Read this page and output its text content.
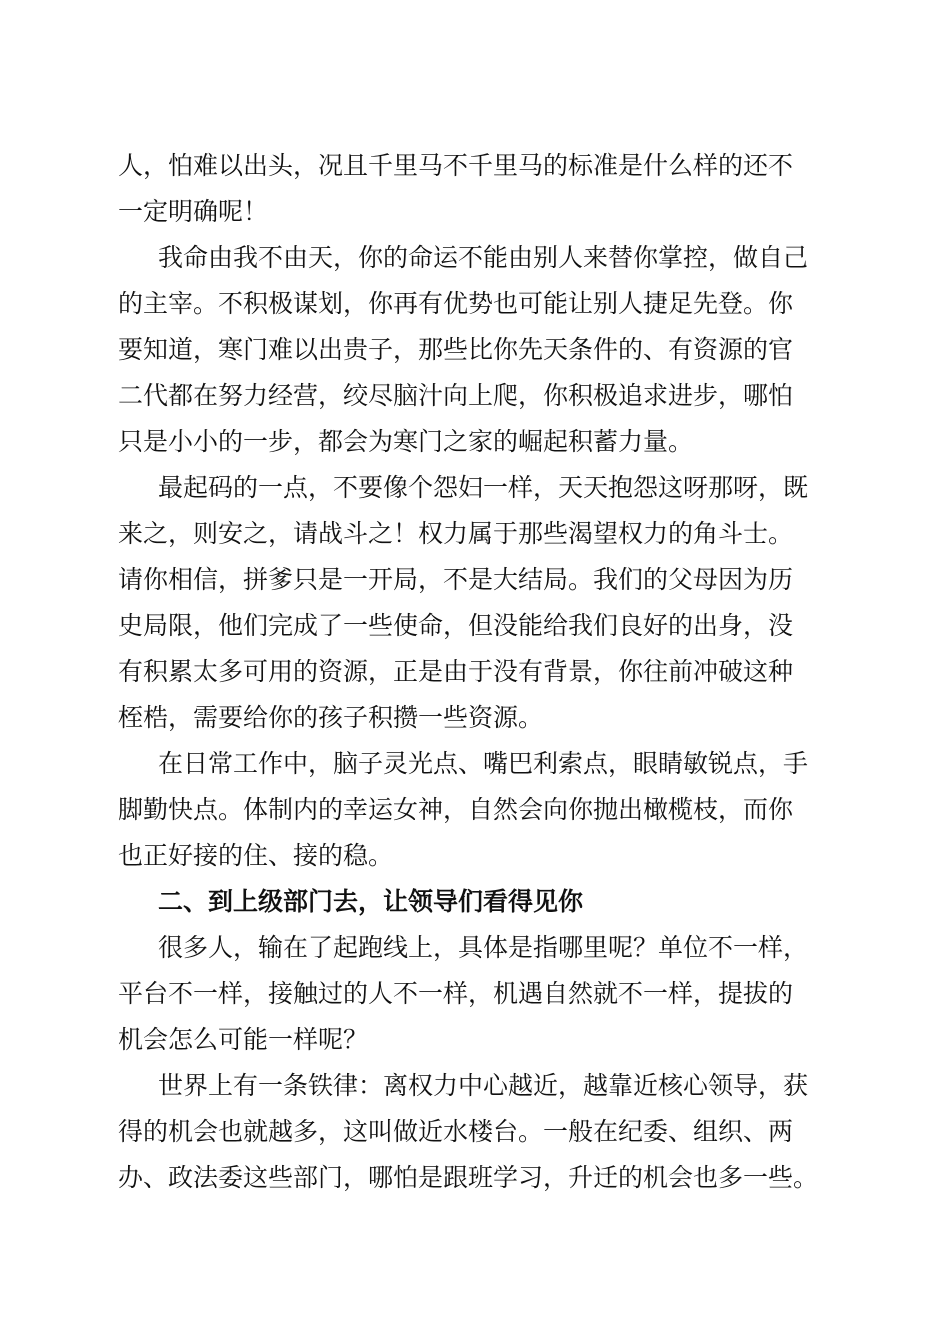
人，怕难以出头，况且千里马不千里马的标准是什么样的还不

一定明确呢！

我命由我不由天，你的命运不能由别人来替你掌控，做自己

的主宰。不积极谋划，你再有优势也可能让别人捷足先登。你

要知道，寒门难以出贵子，那些比你先天条件的、有资源的官

二代都在努力经营，绞尽脑汁向上爬，你积极追求进步，哪怕

只是小小的一步，都会为寒门之家的崛起积蓄力量。

最起码的一点，不要像个怨妇一样，天天抱怨这呀那呀，既

来之，则安之，请战斗之！权力属于那些渴望权力的角斗士。

请你相信，拼爹只是一开局，不是大结局。我们的父母因为历

史局限，他们完成了一些使命，但没能给我们良好的出身，没

有积累太多可用的资源，正是由于没有背景，你往前冲破这种

桎梏，需要给你的孩子积攒一些资源。

在日常工作中，脑子灵光点、嘴巴利索点，眼睛敏锐点，手

脚勤快点。体制内的幸运女神，自然会向你抛出橄榄枝，而你

也正好接的住、接的稳。

二、到上级部门去，让领导们看得见你

很多人，输在了起跑线上，具体是指哪里呢？单位不一样，

平台不一样，接触过的人不一样，机遇自然就不一样，提拔的

机会怎么可能一样呢？

世界上有一条铁律：离权力中心越近，越靠近核心领导，获

得的机会也就越多，这叫做近水楼台。一般在纪委、组织、两

办、政法委这些部门，哪怕是跟班学习，升迁的机会也多一些。
